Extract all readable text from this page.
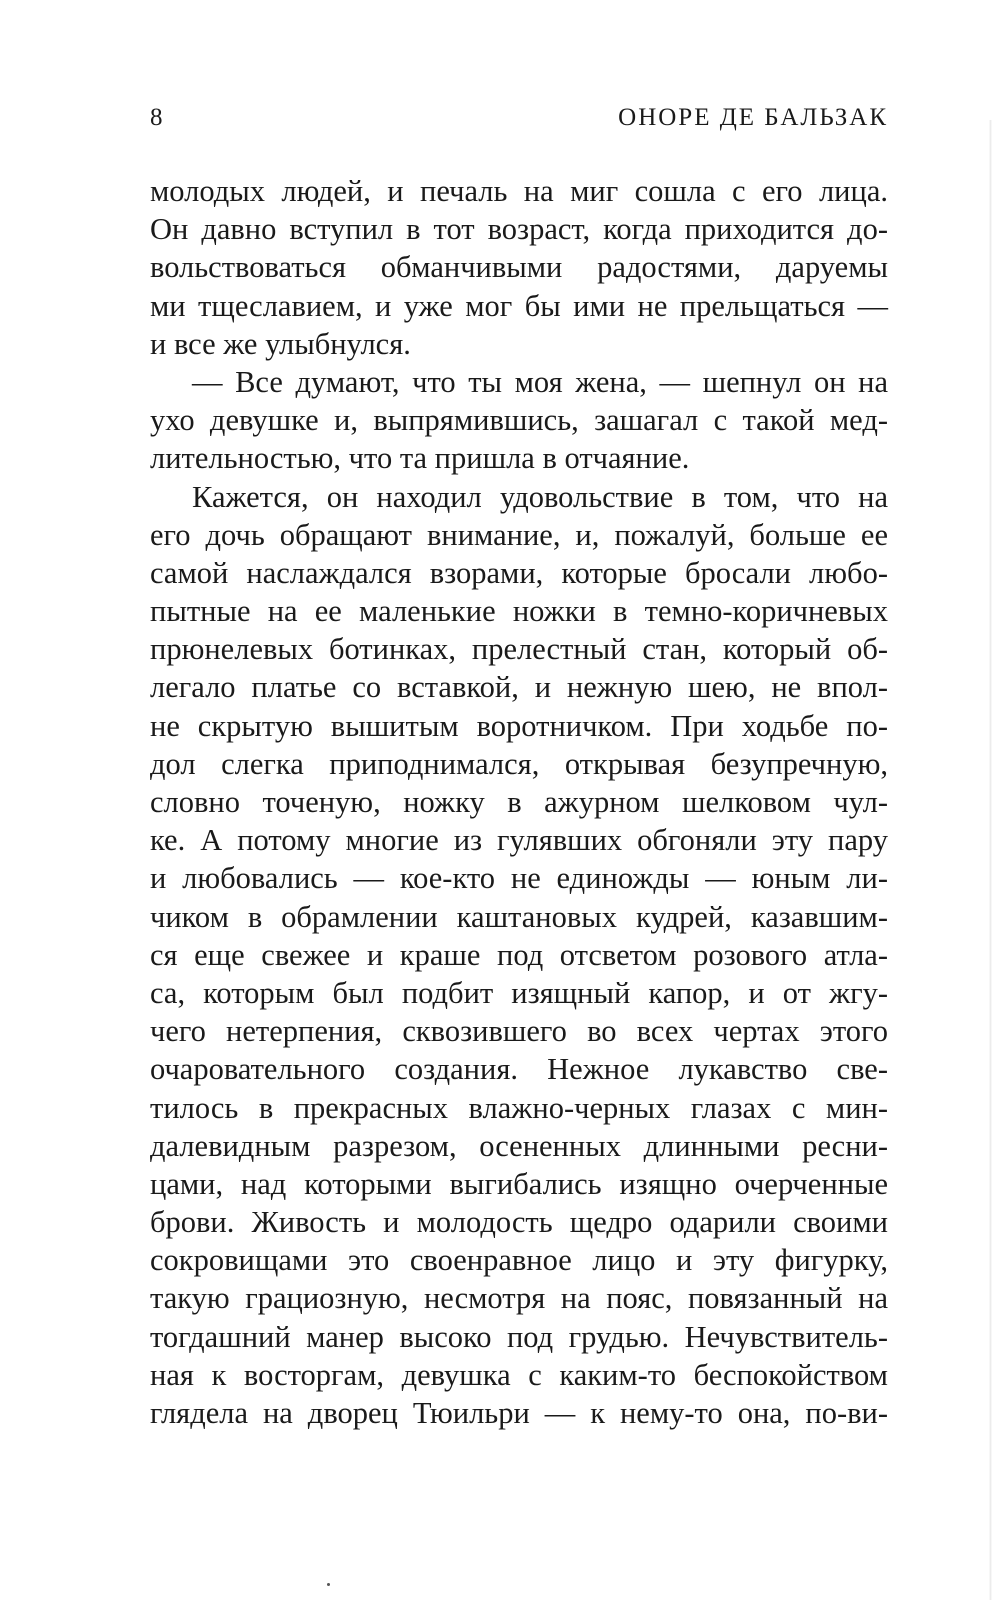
8	ОНОРЕ ДЕ БАЛЬЗАК
молодых людей, и печаль на миг сошла с его лица.
Он давно вступил в тот возраст, когда приходится до-
вольствоваться обманчивыми радостями, даруемы
ми тщеславием, и уже мог бы ими не прельщаться —
и все же улыбнулся.
— Все думают, что ты моя жена, — шепнул он на
ухо девушке и, выпрямившись, зашагал с такой мед-
лительностью, что та пришла в отчаяние.
Кажется, он находил удовольствие в том, что на
его дочь обращают внимание, и, пожалуй, больше ее
самой наслаждался взорами, которые бросали любо-
пытные на ее маленькие ножки в темно-коричневых
прюнелевых ботинках, прелестный стан, который об-
легало платье со вставкой, и нежную шею, не впол-
не скрытую вышитым воротничком. При ходьбе по-
дол слегка приподнимался, открывая безупречную,
словно точеную, ножку в ажурном шелковом чул-
ке. А потому многие из гулявших обгоняли эту пару
и любовались — кое-кто не единожды — юным ли-
чиком в обрамлении каштановых кудрей, казавшим-
ся еще свежее и краше под отсветом розового атла-
са, которым был подбит изящный капор, и от жгу-
чего нетерпения, сквозившего во всех чертах этого
очаровательного создания. Нежное лукавство све-
тилось в прекрасных влажно-черных глазах с мин-
далевидным разрезом, осененных длинными ресни-
цами, над которыми выгибались изящно очерченные
брови. Живость и молодость щедро одарили своими
сокровищами это своенравное лицо и эту фигурку,
такую грациозную, несмотря на пояс, повязанный на
тогдашний манер высоко под грудью. Нечувствитель-
ная к восторгам, девушка с каким-то беспокойством
глядела на дворец Тюильри — к нему-то она, по-ви-
